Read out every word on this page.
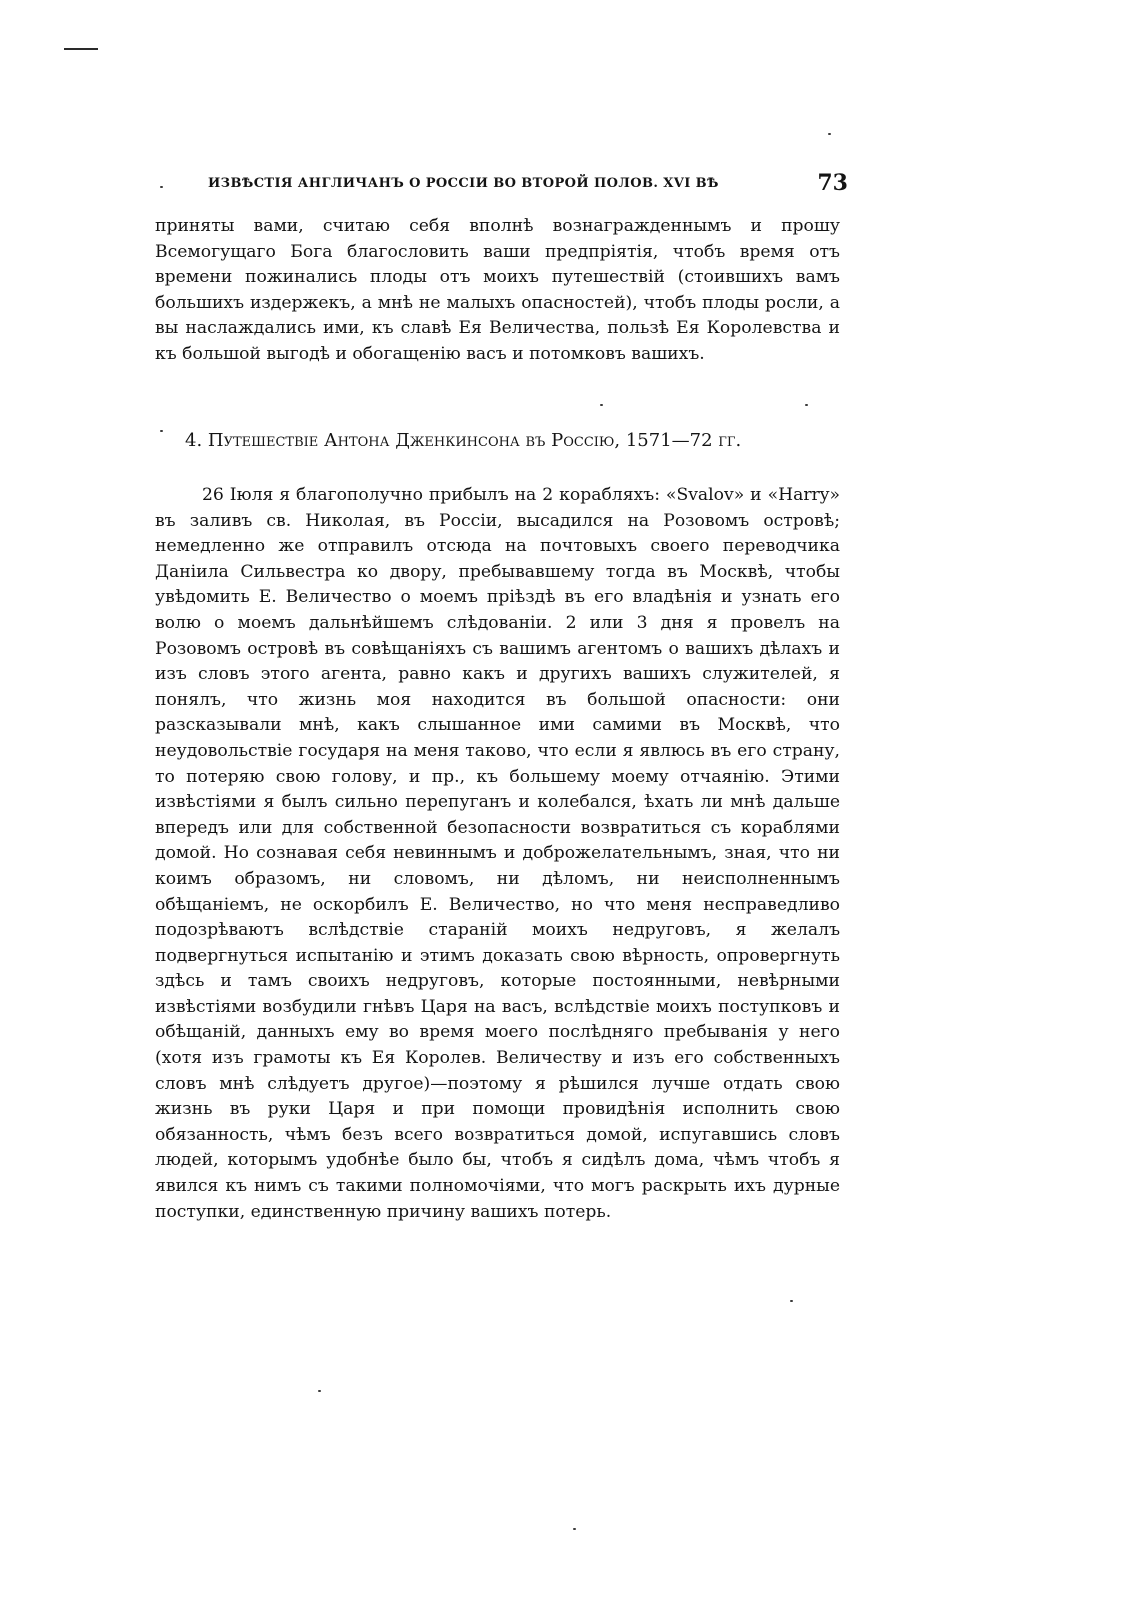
ИЗВѢСТІЯ АНГЛИЧАНЪ О РОССІИ ВО ВТОРОЙ ПОЛОВ. XVI ВѢ	73

приняты вами, считаю себя вполнѣ вознагражденнымъ и прошу Всемогущаго Бога благословить ваши предпріятія, чтобъ время отъ времени пожинались плоды отъ моихъ путешествій (стоившихъ вамъ большихъ издержекъ, а мнѣ не малыхъ опасностей), чтобъ плоды росли, а вы наслаждались ими, къ славѣ Ея Величества, пользѣ Ея Королевства и къ большой выгодѣ и обогащенію васъ и потомковъ вашихъ.

4. Путешествіе Антона Дженкинсона въ Россію, 1571—72 гг.

26 Іюля я благополучно прибылъ на 2 корабляхъ: «Svalov» и «Harry» въ заливъ св. Николая, въ Россіи, высадился на Розовомъ островѣ; немедленно же отправилъ отсюда на почтовыхъ своего переводчика Даніила Сильвестра ко двору, пребывавшему тогда въ Москвѣ, чтобы увѣдомить Е. Величество о моемъ пріѣздѣ въ его владѣнія и узнать его волю о моемъ дальнѣйшемъ слѣдованіи. 2 или 3 дня я провелъ на Розовомъ островѣ въ совѣщаніяхъ съ вашимъ агентомъ о вашихъ дѣлахъ и изъ словъ этого агента, равно какъ и другихъ вашихъ служителей, я понялъ, что жизнь моя находится въ большой опасности: они разсказывали мнѣ, какъ слышанное ими самими въ Москвѣ, что неудовольствіе государя на меня таково, что если я явлюсь въ его страну, то потеряю свою голову, и пр., къ большему моему отчаянію. Этими извѣстіями я былъ сильно перепуганъ и колебался, ѣхать ли мнѣ дальше впередъ или для собственной безопасности возвратиться съ кораблями домой. Но сознавая себя невиннымъ и доброжелательнымъ, зная, что ни коимъ образомъ, ни словомъ, ни дѣломъ, ни неисполненнымъ обѣщаніемъ, не оскорбилъ Е. Величество, но что меня несправедливо подозрѣваютъ вслѣдствіе стараній моихъ недруговъ, я желалъ подвергнуться испытанію и этимъ доказать свою вѣрность, опровергнуть здѣсь и тамъ своихъ недруговъ, которые постоянными, невѣрными извѣстіями возбудили гнѣвъ Царя на васъ, вслѣдствіе моихъ поступковъ и обѣщаній, данныхъ ему во время моего послѣдняго пребыванія у него (хотя изъ грамоты къ Ея Королев. Величеству и изъ его собственныхъ словъ мнѣ слѣдуетъ другое)—поэтому я рѣшился лучше отдать свою жизнь въ руки Царя и при помощи провидѣнія исполнить свою обязанность, чѣмъ безъ всего возвратиться домой, испугавшись словъ людей, которымъ удобнѣе было бы, чтобъ я сидѣлъ дома, чѣмъ чтобъ я явился къ нимъ съ такими полномочіями, что могъ раскрыть ихъ дурные поступки, единственную причину вашихъ потерь.
